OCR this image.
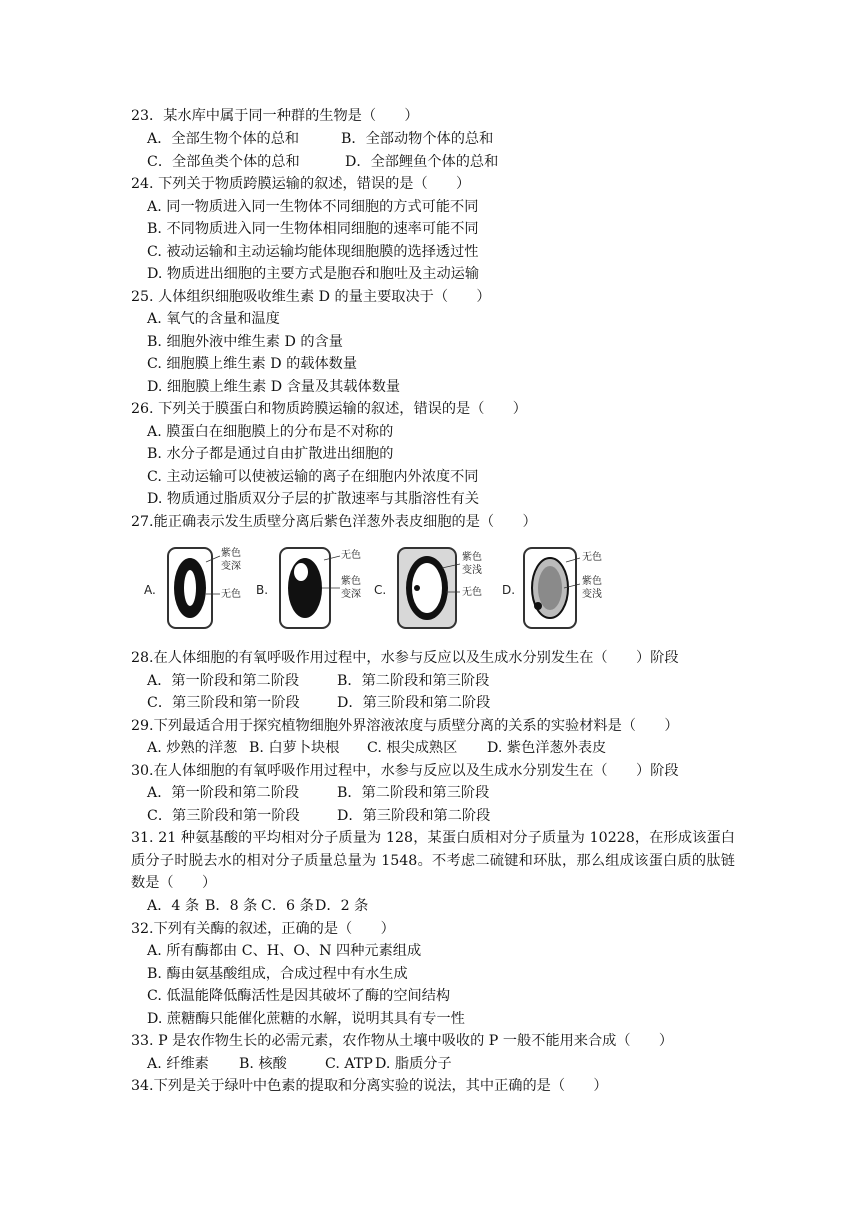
23．某水库中属于同一种群的生物是（　　）
A．全部生物个体的总和	B．全部动物个体的总和
C．全部鱼类个体的总和	D．全部鲤鱼个体的总和
24. 下列关于物质跨膜运输的叙述，错误的是（　　）
A. 同一物质进入同一生物体不同细胞的方式可能不同
B. 不同物质进入同一生物体相同细胞的速率可能不同
C. 被动运输和主动运输均能体现细胞膜的选择透过性
D. 物质进出细胞的主要方式是胞吞和胞吐及主动运输
25. 人体组织细胞吸收维生素 D 的量主要取决于（　　）
A. 氧气的含量和温度
B. 细胞外液中维生素 D 的含量
C. 细胞膜上维生素 D 的载体数量
D. 细胞膜上维生素 D 含量及其载体数量
26. 下列关于膜蛋白和物质跨膜运输的叙述，错误的是（　　）
A. 膜蛋白在细胞膜上的分布是不对称的
B. 水分子都是通过自由扩散进出细胞的
C. 主动运输可以使被运输的离子在细胞内外浓度不同
D. 物质通过脂质双分子层的扩散速率与其脂溶性有关
27.能正确表示发生质壁分离后紫色洋葱外表皮细胞的是（　　）
A.
紫色
变深
无色 B.
无色
紫色
变深 C.
紫色
变浅
无色 D.
无色
紫色
变浅
28.在人体细胞的有氧呼吸作用过程中，水参与反应以及生成水分别发生在（　　）阶段
A．第一阶段和第二阶段	B．第二阶段和第三阶段
C．第三阶段和第一阶段	D．第三阶段和第二阶段
29.下列最适合用于探究植物细胞外界溶液浓度与质壁分离的关系的实验材料是（　　）
A. 炒熟的洋葱 B. 白萝卜块根 C. 根尖成熟区 D. 紫色洋葱外表皮
30.在人体细胞的有氧呼吸作用过程中，水参与反应以及生成水分别发生在（　　）阶段
A．第一阶段和第二阶段	B．第二阶段和第三阶段
C．第三阶段和第一阶段	D．第三阶段和第二阶段
31. 21 种氨基酸的平均相对分子质量为 128，某蛋白质相对分子质量为 10228，在形成该蛋白质分子时脱去水的相对分子质量总量为 1548。不考虑二硫键和环肽，那么组成该蛋白质的肽链数是（　　）
A．4 条 B．8 条 C．6 条D．2 条
32.下列有关酶的叙述，正确的是（　　）
A. 所有酶都由 C、H、O、N 四种元素组成
B. 酶由氨基酸组成，合成过程中有水生成
C. 低温能降低酶活性是因其破坏了酶的空间结构
D. 蔗糖酶只能催化蔗糖的水解，说明其具有专一性
33. P 是农作物生长的必需元素，农作物从土壤中吸收的 P 一般不能用来合成（　　）
A. 纤维素 B. 核酸	C. ATP D. 脂质分子
34.下列是关于绿叶中色素的提取和分离实验的说法，其中正确的是（　　）
